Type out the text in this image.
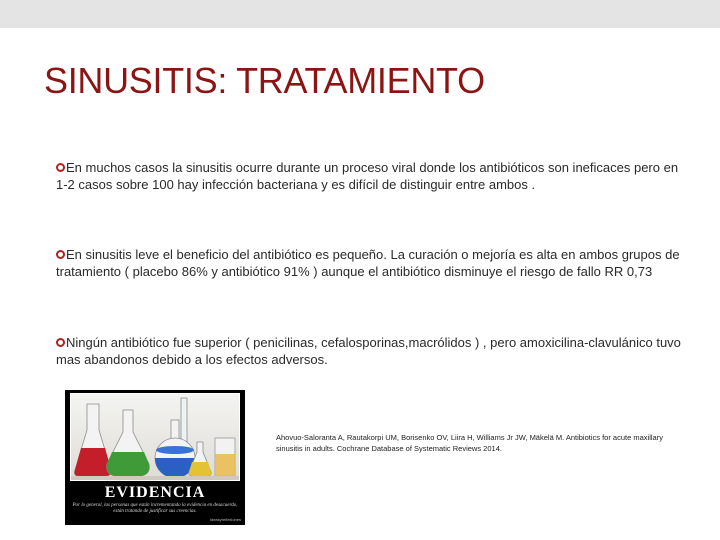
SINUSITIS: TRATAMIENTO
En muchos casos la sinusitis ocurre durante un proceso viral donde los antibióticos son ineficaces pero en 1-2 casos sobre 100 hay infección bacteriana y es difícil de distinguir entre ambos .
En sinusitis leve el beneficio del antibiótico es pequeño. La curación o mejoría es alta en ambos grupos de tratamiento ( placebo 86% y antibiótico 91% ) aunque el antibiótico disminuye el riesgo de fallo RR 0,73
Ningún antibiótico fue superior ( penicilinas, cefalosporinas,macrólidos ) , pero amoxicilina-clavulánico tuvo mas abandonos debido a los efectos adversos.
EVIDENCIA
Por lo general, las personas que están incrementando la evidencia en desacuerdo, están tratando de justificar sus creencias.
Ideasyreflexiones
Ahovuo-Saloranta A, Rautakorpi UM, Borisenko OV, Liira H, Williams Jr JW, Mäkelä M. Antibiotics for acute maxillary sinusitis in adults. Cochrane Database of Systematic Reviews 2014.
